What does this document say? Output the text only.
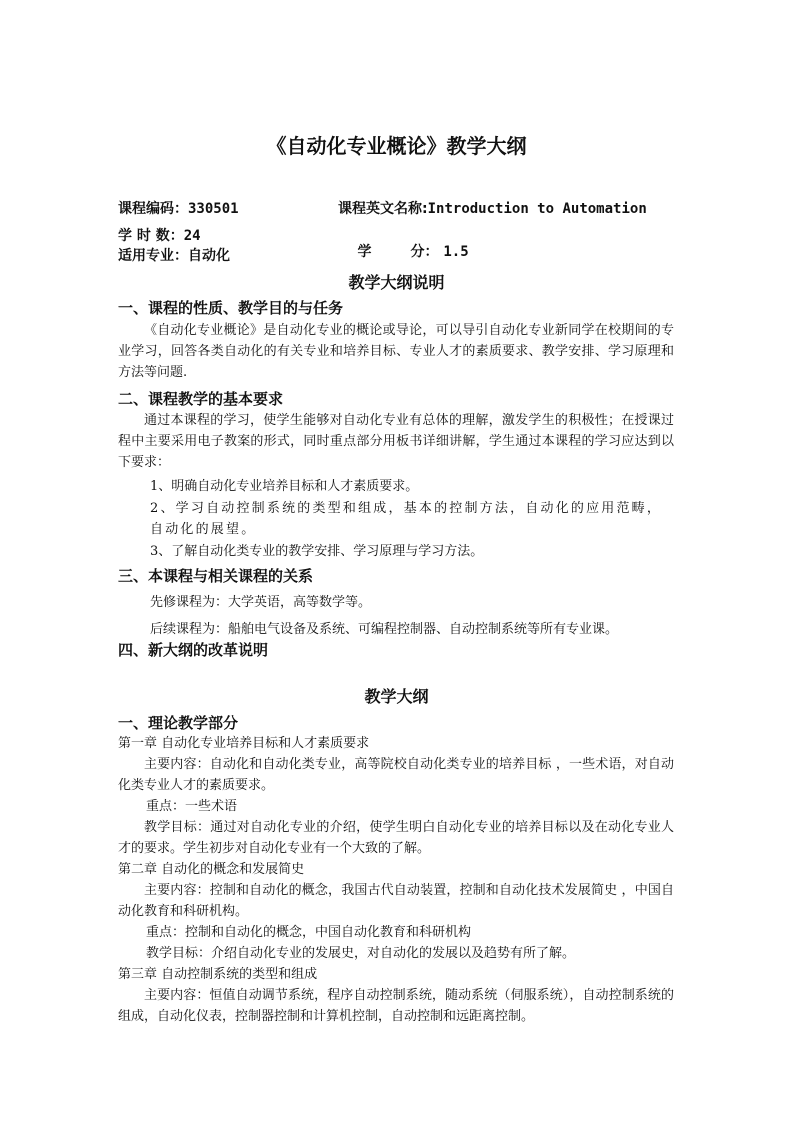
《自动化专业概论》教学大纲
课程编码：330501	课程英文名称:Introduction to Automation
学 时 数：24

学        分： 1.5

适用专业：自动化
教学大纲说明
一、课程的性质、教学目的与任务
《自动化专业概论》是自动化专业的概论或导论，可以导引自动化专业新同学在校期间的专业学习，回答各类自动化的有关专业和培养目标、专业人才的素质要求、教学安排、学习原理和方法等问题.
二、课程教学的基本要求
通过本课程的学习，使学生能够对自动化专业有总体的理解，激发学生的积极性；在授课过程中主要采用电子教案的形式，同时重点部分用板书详细讲解，学生通过本课程的学习应达到以下要求：
1、明确自动化专业培养目标和人才素质要求。
2、学习自动控制系统的类型和组成，基本的控制方法，自动化的应用范畴，
自动化的展望。
3、了解自动化类专业的教学安排、学习原理与学习方法。
三、本课程与相关课程的关系
先修课程为：大学英语，高等数学等。
后续课程为：船舶电气设备及系统、可编程控制器、自动控制系统等所有专业课。
四、新大纲的改革说明
教学大纲
一、理论教学部分
第一章 自动化专业培养目标和人才素质要求
主要内容：自动化和自动化类专业，高等院校自动化类专业的培养目标 ，一些术语，对自动化类专业人才的素质要求。
重点：一些术语
教学目标：通过对自动化专业的介绍，使学生明白自动化专业的培养目标以及在动化专业人才的要求。学生初步对自动化专业有一个大致的了解。
第二章 自动化的概念和发展简史
主要内容：控制和自动化的概念，我国古代自动装置，控制和自动化技术发展简史 ，中国自动化教育和科研机构。
重点：控制和自动化的概念，中国自动化教育和科研机构
教学目标：介绍自动化专业的发展史，对自动化的发展以及趋势有所了解。
第三章 自动控制系统的类型和组成
主要内容：恒值自动调节系统，程序自动控制系统，随动系统（伺服系统），自动控制系统的组成，自动化仪表，控制器控制和计算机控制，自动控制和远距离控制。
